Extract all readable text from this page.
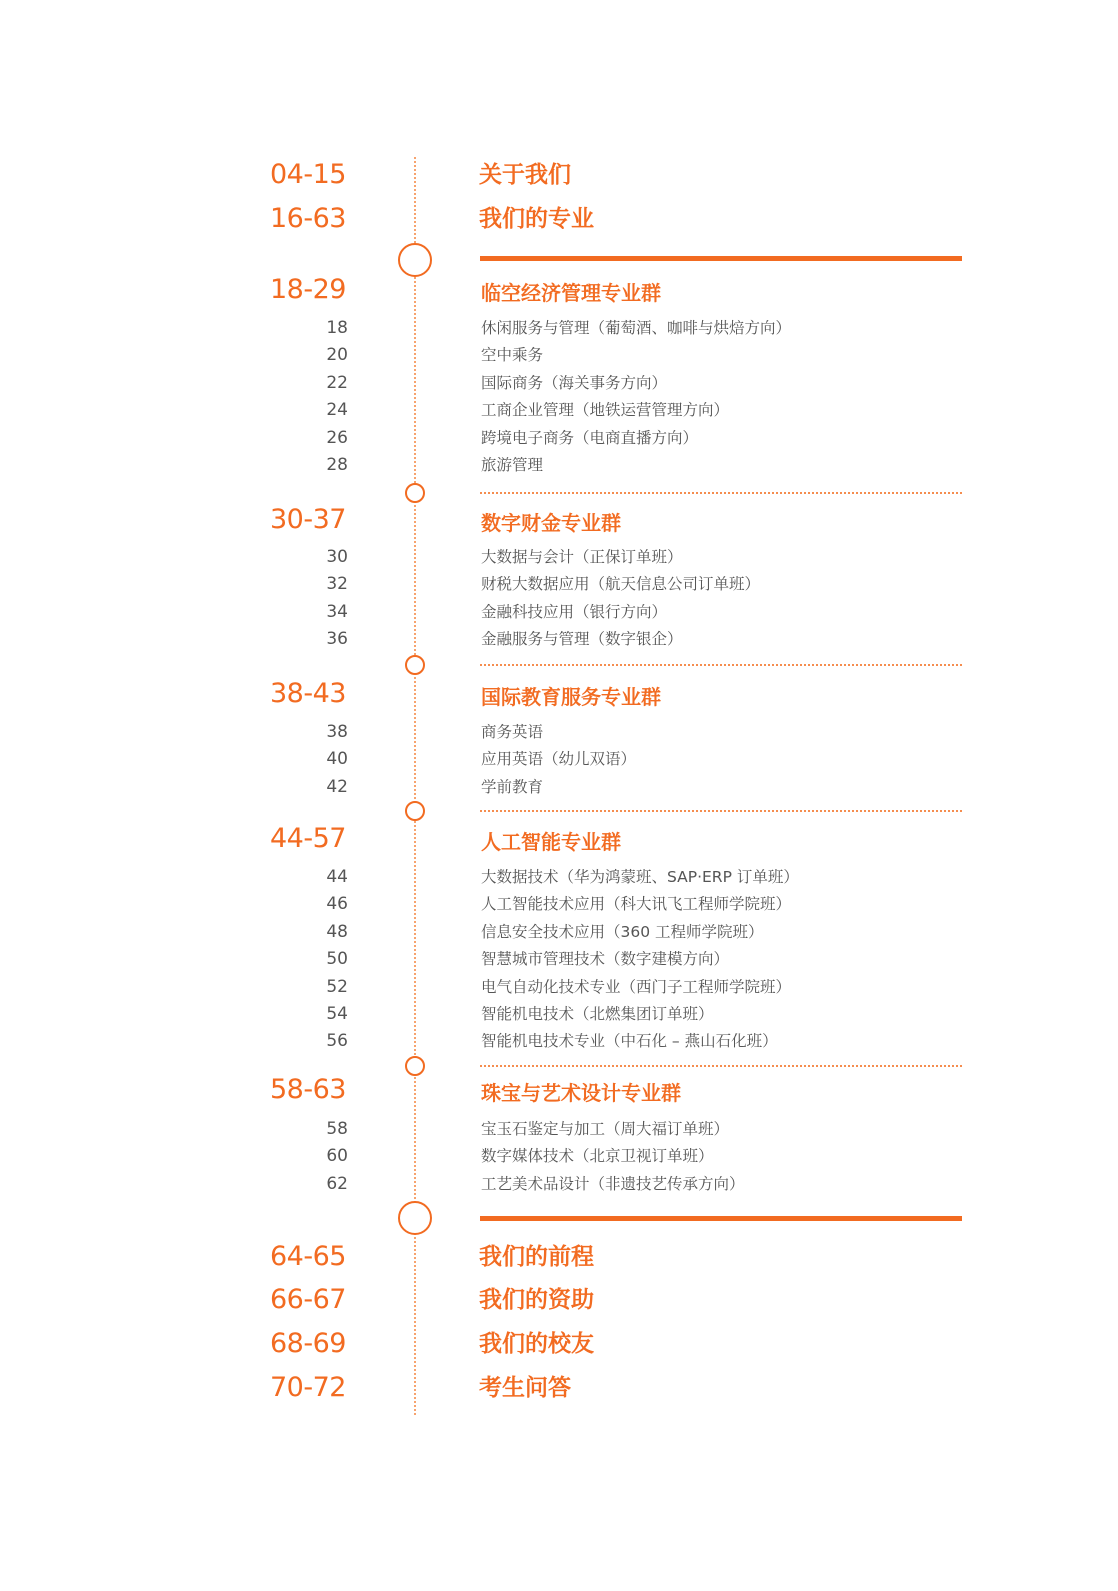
04-15	关于我们
16-63	我们的专业
18-29	临空经济管理专业群
18	休闲服务与管理（葡萄酒、咖啡与烘焙方向）
20	空中乘务
22	国际商务（海关事务方向）
24	工商企业管理（地铁运营管理方向）
26	跨境电子商务（电商直播方向）
28	旅游管理
30-37	数字财金专业群
30	大数据与会计（正保订单班）
32	财税大数据应用（航天信息公司订单班）
34	金融科技应用（银行方向）
36	金融服务与管理（数字银企）
38-43	国际教育服务专业群
38	商务英语
40	应用英语（幼儿双语）
42	学前教育
44-57	人工智能专业群
44	大数据技术（华为鸿蒙班、SAP·ERP 订单班）
46	人工智能技术应用（科大讯飞工程师学院班）
48	信息安全技术应用（360 工程师学院班）
50	智慧城市管理技术（数字建模方向）
52	电气自动化技术专业（西门子工程师学院班）
54	智能机电技术（北燃集团订单班）
56	智能机电技术专业（中石化 – 燕山石化班）
58-63	珠宝与艺术设计专业群
58	宝玉石鉴定与加工（周大福订单班）
60	数字媒体技术（北京卫视订单班）
62	工艺美术品设计（非遗技艺传承方向）
64-65	我们的前程
66-67	我们的资助
68-69	我们的校友
70-72	考生问答
